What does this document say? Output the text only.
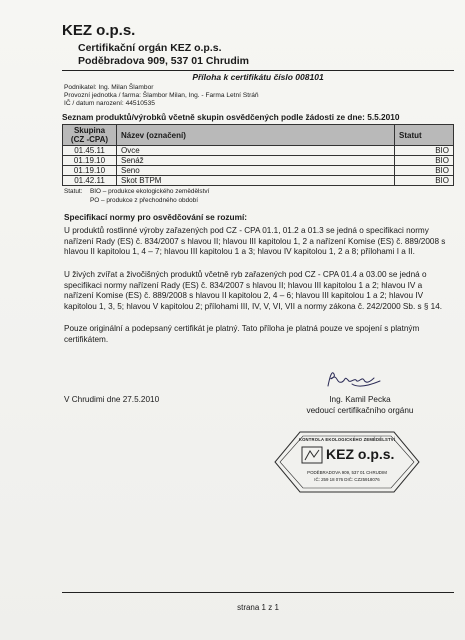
KEZ o.p.s.
Certifikační orgán KEZ o.p.s.
Poděbradova 909, 537 01 Chrudim
Příloha k certifikátu číslo 008101
Podnikatel: Ing. Milan Šlambor
Provozní jednotka / farma: Šlambor Milan, Ing. - Farma Letní Stráň
IČ / datum narození: 44510535
Seznam produktů/výrobků včetně skupin osvědčených podle žádosti ze dne: 5.5.2010
Skupina (CZ -CPA)	Název (označení)	Statut
01.45.11	Ovce	BIO
01.19.10	Senáž	BIO
01.19.10	Seno	BIO
01.42.11	Skot BTPM	BIO
Statut: BIO – produkce ekologického zemědělství
PO – produkce z přechodného období
Specifikací normy pro osvědčování se rozumí:
U produktů rostlinné výroby zařazených pod CZ - CPA 01.1, 01.2 a 01.3 se jedná o specifikaci normy nařízení Rady (ES) č. 834/2007 s hlavou II; hlavou III kapitolou 1, 2 a nařízení Komise (ES) č. 889/2008 s hlavou II kapitolou 1, 4 – 7; hlavou III kapitolou 1 a 3; hlavou IV kapitolou 1, 2 a 8; přílohami I a II.
U živých zvířat a živočišných produktů včetně ryb zařazených pod CZ - CPA 01.4 a 03.00 se jedná o specifikaci normy nařízení Rady (ES) č. 834/2007 s hlavou II; hlavou III kapitolou 1 a 2; hlavou IV a nařízení Komise (ES) č. 889/2008 s hlavou II kapitolou 2, 4 – 6; hlavou III kapitolou 1 a 2; hlavou IV kapitolou 1, 3, 5; hlavou V kapitolou 2; přílohami III, IV, V, VI, VII a normy zákona č. 242/2000 Sb. s § 14.
Pouze originální a podepsaný certifikát je platný. Tato příloha je platná pouze ve spojení s platným certifikátem.
V Chrudimi dne 27.5.2010	Ing. Kamil Pecka
vedoucí certifikačního orgánu
KONTROLA EKOLOGICKÉHO ZEMĚDĚLSTVÍ
KEZ o.p.s.
PODĚBRADOVA 909, 537 01 CHRUDIM
IČ: 259 18 076 DIČ: CZ25918076
strana 1 z 1
